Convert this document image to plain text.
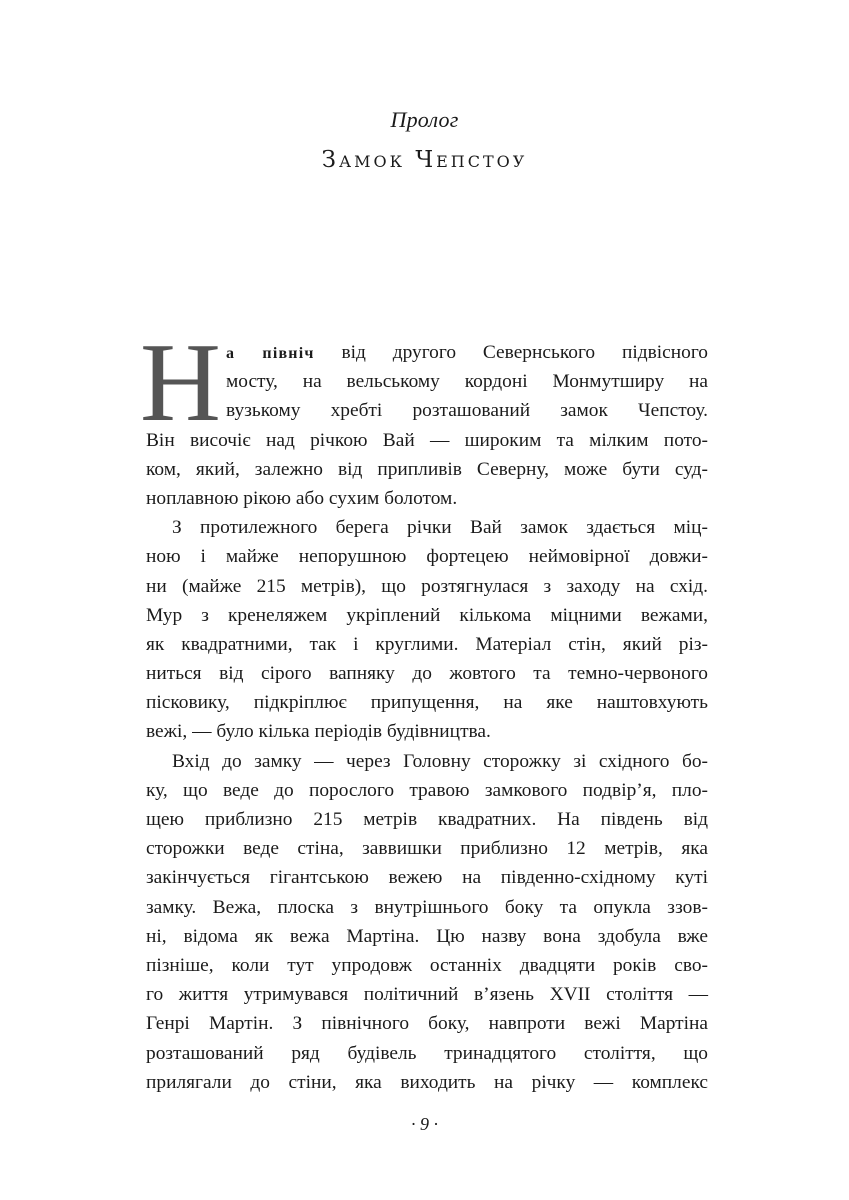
Пролог
Замок Чепстоу
Н а північ від другого Севернського підвісного
мосту, на вельському кордоні Монмутширу на
вузькому хребті розташований замок Чепстоу.
Він височіє над річкою Вай — широким та мілким пото-
ком, який, залежно від припливів Северну, може бути суд-
ноплавною рікою або сухим болотом.
З протилежного берега річки Вай замок здається міц-
ною і майже непорушною фортецею неймовірної довжи-
ни (майже 215 метрів), що розтягнулася з заходу на схід.
Мур з кренеляжем укріплений кількома міцними вежами,
як квадратними, так і круглими. Матеріал стін, який різ-
ниться від сірого вапняку до жовтого та темно-червоного
пісковику, підкріплює припущення, на яке наштовхують
вежі, — було кілька періодів будівництва.
Вхід до замку — через Головну сторожку зі східного бо-
ку, що веде до порослого травою замкового подвір’я, пло-
щею приблизно 215 метрів квадратних. На південь від
сторожки веде стіна, заввишки приблизно 12 метрів, яка
закінчується гігантською вежею на південно-східному куті
замку. Вежа, плоска з внутрішнього боку та опукла ззов-
ні, відома як вежа Мартіна. Цю назву вона здобула вже
пізніше, коли тут упродовж останніх двадцяти років сво-
го життя утримувався політичний в’язень XVII століття —
Генрі Мартін. З північного боку, навпроти вежі Мартіна
розташований ряд будівель тринадцятого століття, що
прилягали до стіни, яка виходить на річку — комплекс
· 9 ·
